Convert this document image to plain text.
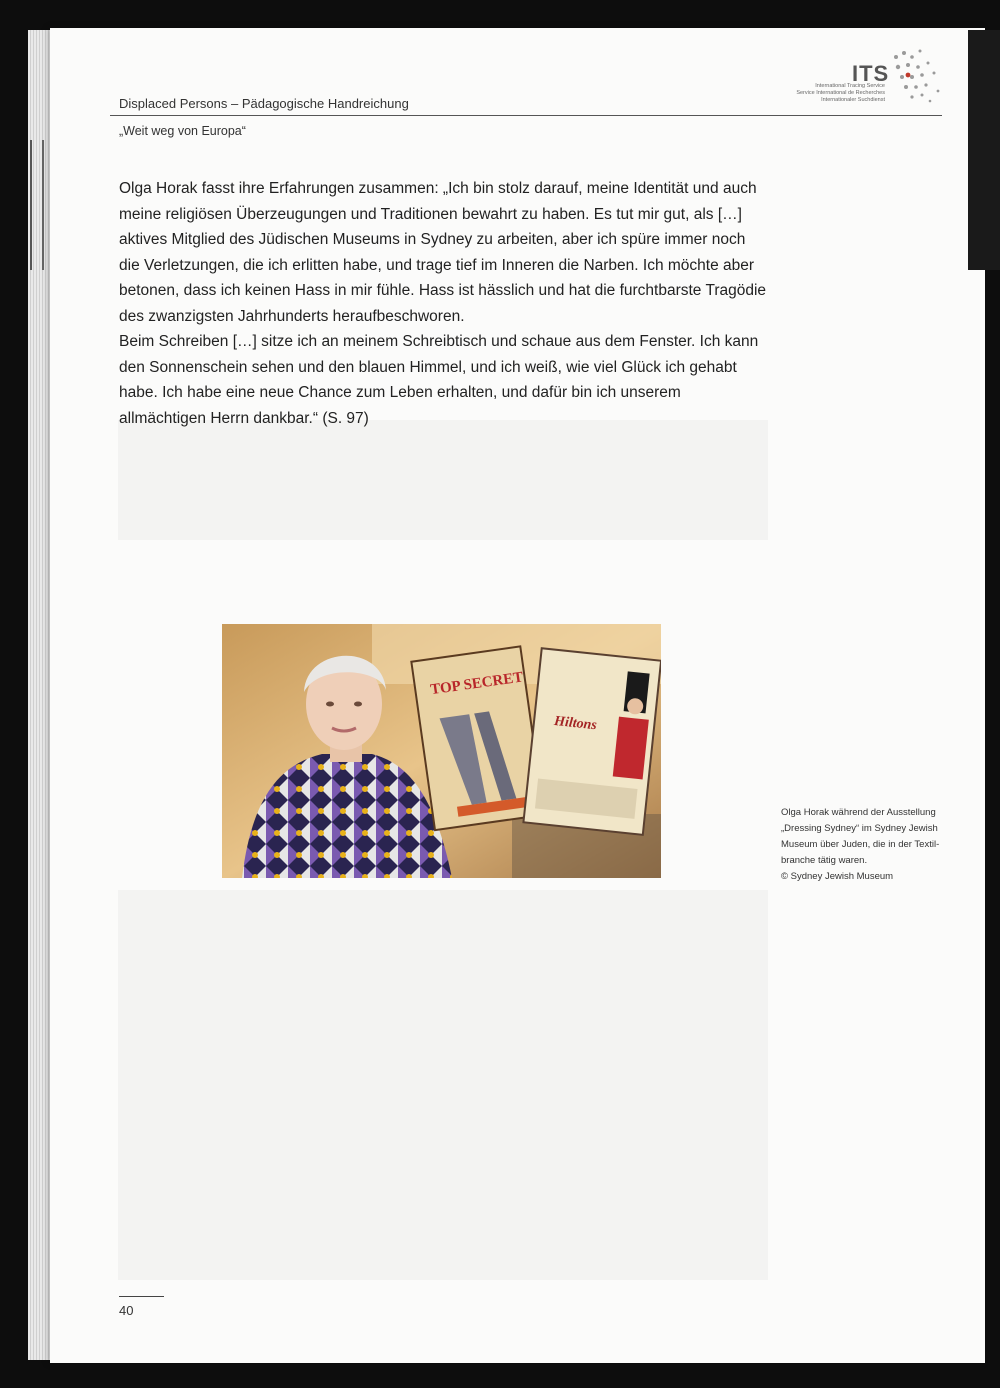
ITS
International Tracing Service
Service International de Recherches
Internationaler Suchdienst
Displaced Persons – Pädagogische Handreichung
„Weit weg von Europa“

Olga Horak fasst ihre Erfahrungen zusammen: „Ich bin stolz darauf, meine Identität und auch meine religiösen Überzeugungen und Traditionen bewahrt zu haben. Es tut mir gut, als […] aktives Mitglied des Jüdischen Museums in Sydney zu arbeiten, aber ich spüre immer noch die Verletzungen, die ich erlitten habe, und trage tief im Inneren die Narben. Ich möchte aber betonen, dass ich keinen Hass in mir fühle. Hass ist hässlich und hat die furchtbarste Tragödie des zwanzigsten Jahrhunderts heraufbeschworen.

Beim Schreiben […] sitze ich an meinem Schreibtisch und schaue aus dem Fenster. Ich kann den Sonnenschein sehen und den blauen Himmel, und ich weiß, wie viel Glück ich gehabt habe. Ich habe eine neue Chance zum Leben erhalten, und dafür bin ich unserem allmächtigen Herrn dankbar.“ (S. 97)

TOP SECRET
Hiltons
Olga Horak während der Ausstellung
„Dressing Sydney“ im Sydney Jewish
Museum über Juden, die in der Textil-
branche tätig waren.
© Sydney Jewish Museum
40
